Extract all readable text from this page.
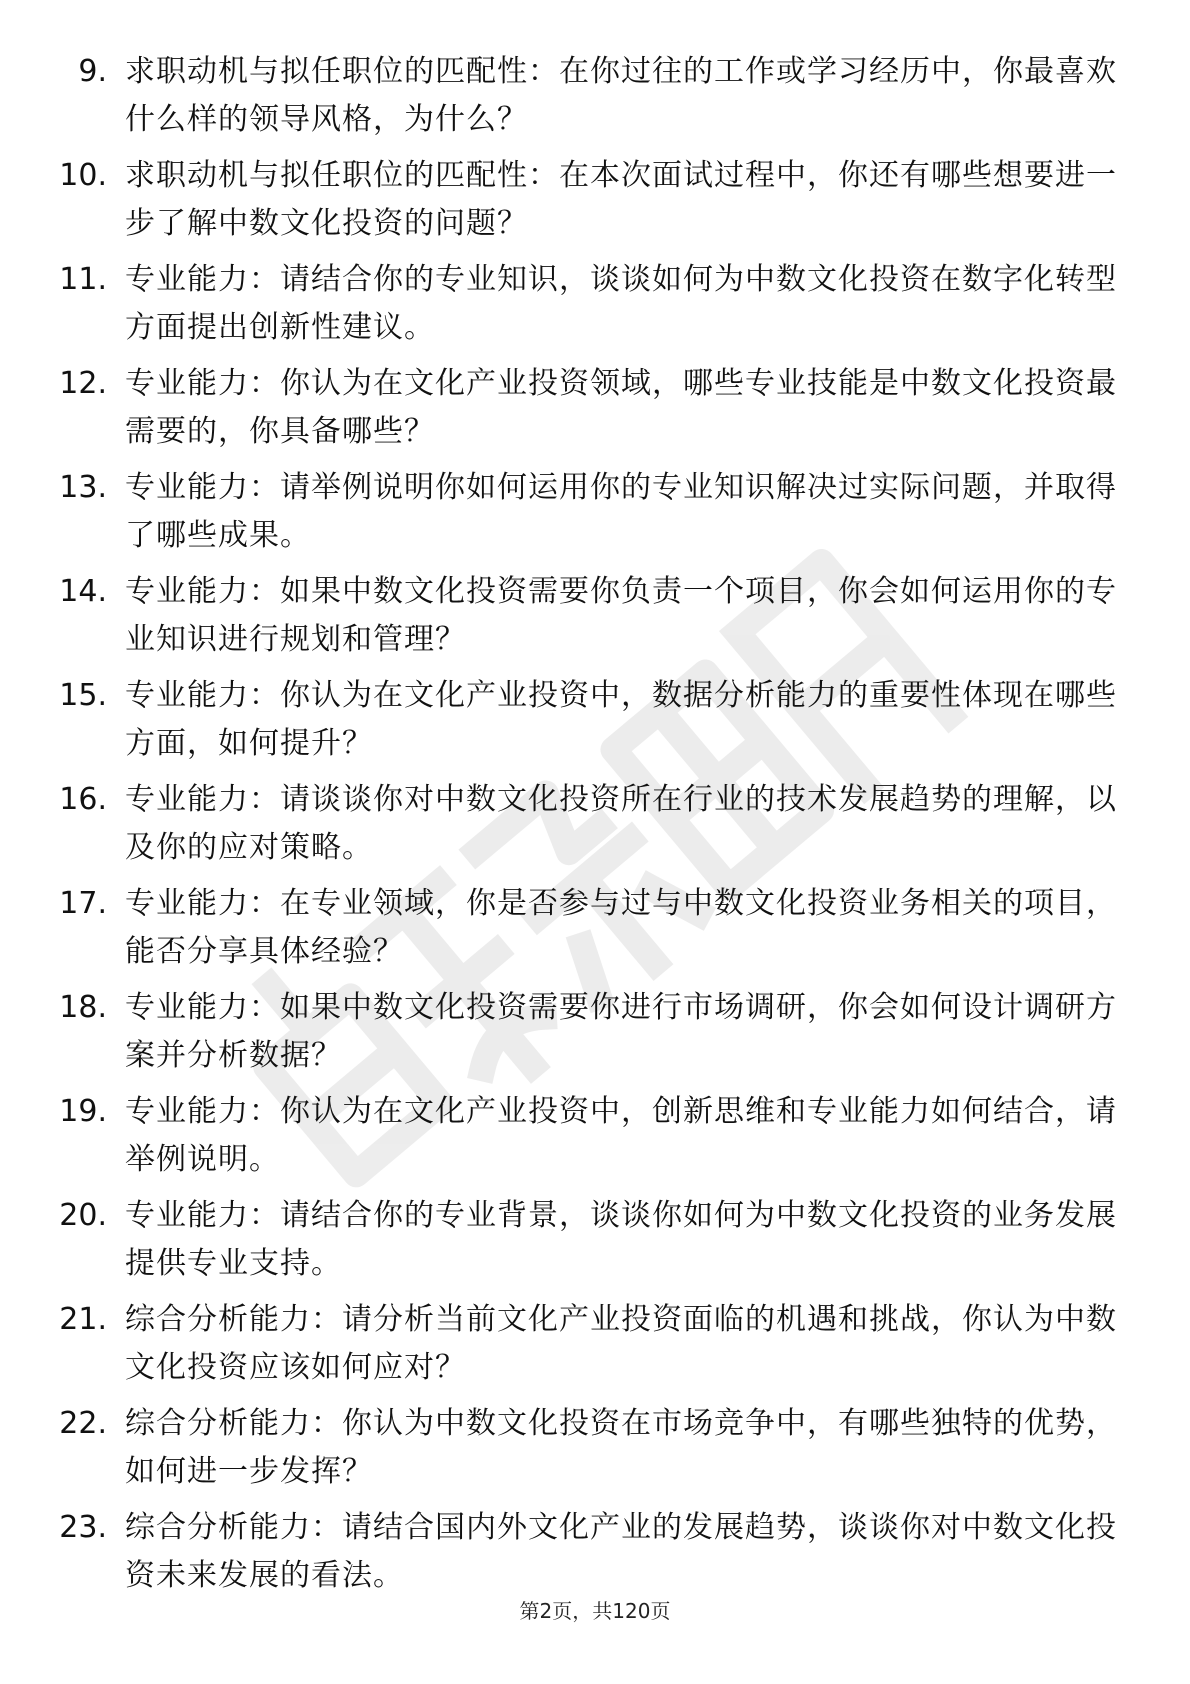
9. 求职动机与拟任职位的匹配性：在你过往的工作或学习经历中，你最喜欢什么样的领导风格，为什么？
10. 求职动机与拟任职位的匹配性：在本次面试过程中，你还有哪些想要进一步了解中数文化投资的问题？
11. 专业能力：请结合你的专业知识，谈谈如何为中数文化投资在数字化转型方面提出创新性建议。
12. 专业能力：你认为在文化产业投资领域，哪些专业技能是中数文化投资最需要的，你具备哪些？
13. 专业能力：请举例说明你如何运用你的专业知识解决过实际问题，并取得了哪些成果。
14. 专业能力：如果中数文化投资需要你负责一个项目，你会如何运用你的专业知识进行规划和管理？
15. 专业能力：你认为在文化产业投资中，数据分析能力的重要性体现在哪些方面，如何提升？
16. 专业能力：请谈谈你对中数文化投资所在行业的技术发展趋势的理解，以及你的应对策略。
17. 专业能力：在专业领域，你是否参与过与中数文化投资业务相关的项目，能否分享具体经验？
18. 专业能力：如果中数文化投资需要你进行市场调研，你会如何设计调研方案并分析数据？
19. 专业能力：你认为在文化产业投资中，创新思维和专业能力如何结合，请举例说明。
20. 专业能力：请结合你的专业背景，谈谈你如何为中数文化投资的业务发展提供专业支持。
21. 综合分析能力：请分析当前文化产业投资面临的机遇和挑战，你认为中数文化投资应该如何应对？
22. 综合分析能力：你认为中数文化投资在市场竞争中，有哪些独特的优势，如何进一步发挥？
23. 综合分析能力：请结合国内外文化产业的发展趋势，谈谈你对中数文化投资未来发展的看法。
第2页，共120页
